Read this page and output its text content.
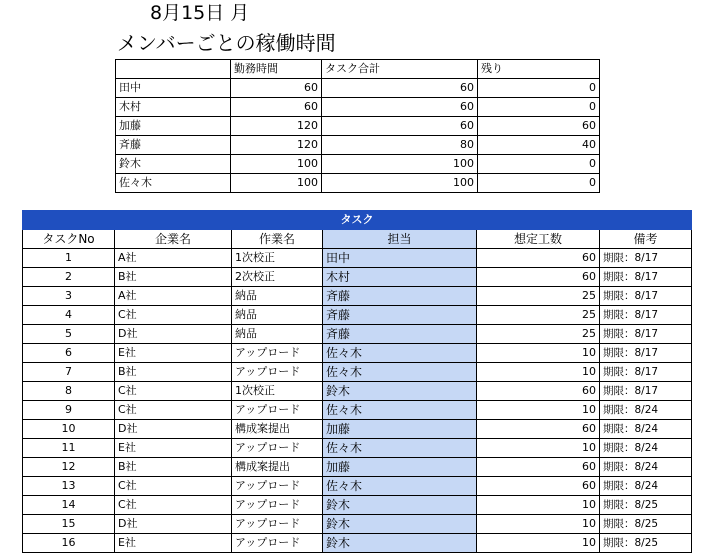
8月15日 月
メンバーごとの稼働時間
	勤務時間	タスク合計	残り
田中	60	60	0
木村	60	60	0
加藤	120	60	60
斉藤	120	80	40
鈴木	100	100	0
佐々木	100	100	0
タスク					
タスクNo	企業名	作業名	担当	想定工数	備考
1	A社	1次校正	田中	60	期限：8/17
2	B社	2次校正	木村	60	期限：8/17
3	A社	納品	斉藤	25	期限：8/17
4	C社	納品	斉藤	25	期限：8/17
5	D社	納品	斉藤	25	期限：8/17
6	E社	アップロード	佐々木	10	期限：8/17
7	B社	アップロード	佐々木	10	期限：8/17
8	C社	1次校正	鈴木	60	期限：8/17
9	C社	アップロード	佐々木	10	期限：8/24
10	D社	構成案提出	加藤	60	期限：8/24
11	E社	アップロード	佐々木	10	期限：8/24
12	B社	構成案提出	加藤	60	期限：8/24
13	C社	アップロード	佐々木	60	期限：8/24
14	C社	アップロード	鈴木	10	期限：8/25
15	D社	アップロード	鈴木	10	期限：8/25
16	E社	アップロード	鈴木	10	期限：8/25
